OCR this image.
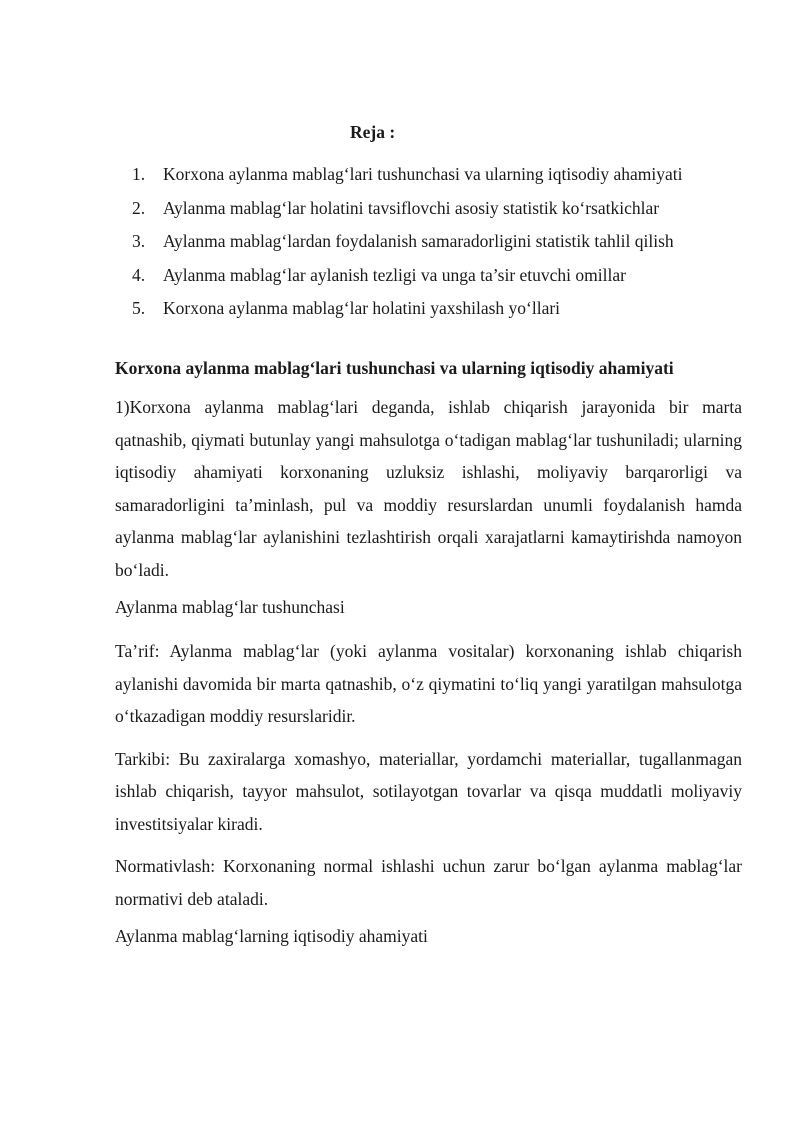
Reja :

1.	Korxona aylanma mablag‘lari tushunchasi va ularning iqtisodiy ahamiyati
2.	Aylanma mablag‘lar holatini tavsiflovchi asosiy statistik ko‘rsatkichlar
3.	Aylanma mablag‘lardan foydalanish samaradorligini statistik tahlil qilish
4.	Aylanma mablag‘lar aylanish tezligi va unga ta’sir etuvchi omillar
5.	Korxona aylanma mablag‘lar holatini yaxshilash yo‘llari

Korxona aylanma mablag‘lari tushunchasi va ularning iqtisodiy ahamiyati

1)Korxona aylanma mablag‘lari deganda, ishlab chiqarish jarayonida bir marta qatnashib, qiymati butunlay yangi mahsulotga o‘tadigan mablag‘lar tushuniladi; ularning iqtisodiy ahamiyati korxonaning uzluksiz ishlashi, moliyaviy barqarorligi va samaradorligini ta’minlash, pul va moddiy resurslardan unumli foydalanish hamda aylanma mablag‘lar aylanishini tezlashtirish orqali xarajatlarni kamaytirishda namoyon bo‘ladi.

Aylanma mablag‘lar tushunchasi

Ta’rif: Aylanma mablag‘lar (yoki aylanma vositalar) korxonaning ishlab chiqarish aylanishi davomida bir marta qatnashib, o‘z qiymatini to‘liq yangi yaratilgan mahsulotga o‘tkazadigan moddiy resurslaridir.

Tarkibi: Bu zaxiralarga xomashyo, materiallar, yordamchi materiallar, tugallanmagan ishlab chiqarish, tayyor mahsulot, sotilayotgan tovarlar va qisqa muddatli moliyaviy investitsiyalar kiradi.

Normativlash: Korxonaning normal ishlashi uchun zarur bo‘lgan aylanma mablag‘lar normativi deb ataladi.

Aylanma mablag‘larning iqtisodiy ahamiyati
